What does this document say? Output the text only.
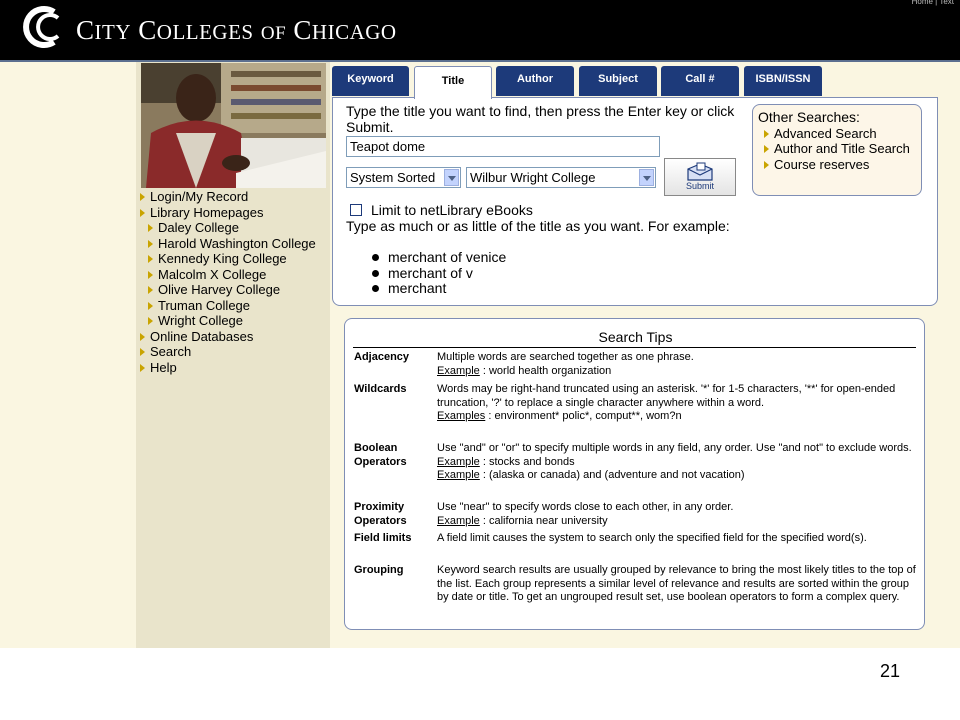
CITY COLLEGES OF CHICAGO
Home | Text
Login/My Record
Library Homepages
Daley College
Harold Washington College
Kennedy King College
Malcolm X College
Olive Harvey College
Truman College
Wright College
Online Databases
Search
Help
Keyword	Title	Author	Subject	Call #	ISBN/ISSN
Type the title you want to find, then press the Enter key or click Submit.
Teapot dome
System Sorted	Wilbur Wright College
Submit
Other Searches:
Advanced Search
Author and Title Search
Course reserves
Limit to netLibrary eBooks
Type as much or as little of the title as you want. For example:
merchant of venice
merchant of v
merchant
Search Tips
Adjacency	Multiple words are searched together as one phrase.
Example : world health organization
Wildcards	Words may be right-hand truncated using an asterisk. '*' for 1-5 characters, '**' for open-ended truncation, '?' to replace a single character anywhere within a word.
Examples : environment* polic*, comput**, wom?n
Boolean
Operators
Use "and" or "or" to specify multiple words in any field, any order. Use "and not" to exclude words.
Example : stocks and bonds
Example : (alaska or canada) and (adventure and not vacation)
Proximity
Operators
Use "near" to specify words close to each other, in any order.
Example : california near university
Field limits A field limit causes the system to search only the specified field for the specified word(s).
Grouping	Keyword search results are usually grouped by relevance to bring the most likely titles to the top of the list. Each group represents a similar level of relevance and results are sorted within the group by date or title. To get an ungrouped result set, use boolean operators to form a complex query.
21
